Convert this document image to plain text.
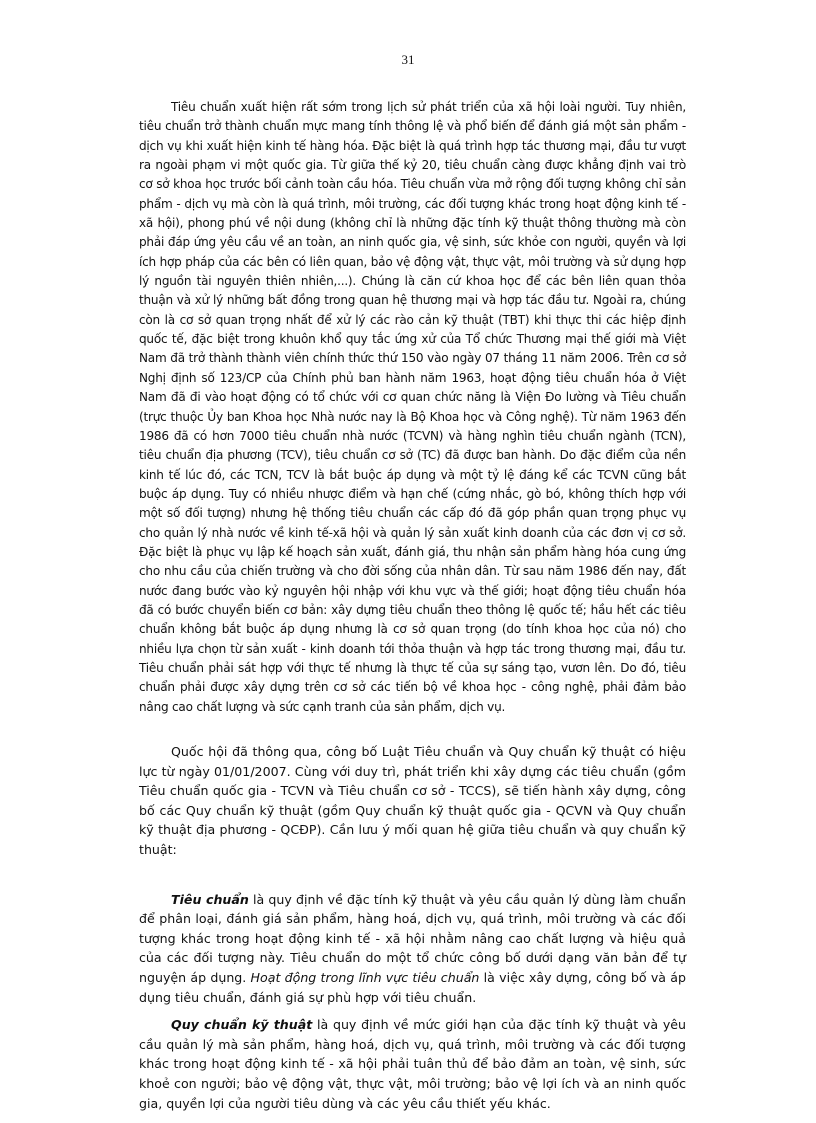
31

Tiêu chuẩn xuất hiện rất sớm trong lịch sử phát triển của xã hội loài người. Tuy nhiên, tiêu chuẩn trở thành chuẩn mực mang tính thông lệ và phổ biến để đánh giá một sản phẩm - dịch vụ khi xuất hiện kinh tế hàng hóa. Đặc biệt là quá trình hợp tác thương mại, đầu tư vượt ra ngoài phạm vi một quốc gia. Từ giữa thế kỷ 20, tiêu chuẩn càng được khẳng định vai trò cơ sở khoa học trước bối cảnh toàn cầu hóa. Tiêu chuẩn vừa mở rộng đối tượng không chỉ sản phẩm - dịch vụ mà còn là quá trình, môi trường, các đối tượng khác trong hoạt động kinh tế - xã hội), phong phú về nội dung (không chỉ là những đặc tính kỹ thuật thông thường mà còn phải đáp ứng yêu cầu về an toàn, an ninh quốc gia, vệ sinh, sức khỏe con người, quyền và lợi ích hợp pháp của các bên có liên quan, bảo vệ động vật, thực vật, môi trường và sử dụng hợp lý nguồn tài nguyên thiên nhiên,...). Chúng là căn cứ khoa học để các bên liên quan thỏa thuận và xử lý những bất đồng trong quan hệ thương mại và hợp tác đầu tư. Ngoài ra, chúng còn là cơ sở quan trọng nhất để xử lý các rào cản kỹ thuật (TBT) khi thực thi các hiệp định quốc tế, đặc biệt trong khuôn khổ quy tắc ứng xử của Tổ chức Thương mại thế giới mà Việt Nam đã trở thành thành viên chính thức thứ 150 vào ngày 07 tháng 11 năm 2006. Trên cơ sở Nghị định số 123/CP của Chính phủ ban hành năm 1963, hoạt động tiêu chuẩn hóa ở Việt Nam đã đi vào hoạt động có tổ chức với cơ quan chức năng là Viện Đo lường và Tiêu chuẩn (trực thuộc Ủy ban Khoa học Nhà nước nay là Bộ Khoa học và Công nghệ). Từ năm 1963 đến 1986 đã có hơn 7000 tiêu chuẩn nhà nước (TCVN) và hàng nghìn tiêu chuẩn ngành (TCN), tiêu chuẩn địa phương (TCV), tiêu chuẩn cơ sở (TC) đã được ban hành. Do đặc điểm của nền kinh tế lúc đó, các TCN, TCV là bắt buộc áp dụng và một tỷ lệ đáng kể các TCVN cũng bắt buộc áp dụng. Tuy có nhiều nhược điểm và hạn chế (cứng nhắc, gò bó, không thích hợp với một số đối tượng) nhưng hệ thống tiêu chuẩn các cấp đó đã góp phần quan trọng phục vụ cho quản lý nhà nước về kinh tế-xã hội và quản lý sản xuất kinh doanh của các đơn vị cơ sở. Đặc biệt là phục vụ lập kế hoạch sản xuất, đánh giá, thu nhận sản phẩm hàng hóa cung ứng cho nhu cầu của chiến trường và cho đời sống của nhân dân. Từ sau năm 1986 đến nay, đất nước đang bước vào kỷ nguyên hội nhập với khu vực và thế giới; hoạt động tiêu chuẩn hóa đã có bước chuyển biến cơ bản: xây dựng tiêu chuẩn theo thông lệ quốc tế; hầu hết các tiêu chuẩn không bắt buộc áp dụng nhưng là cơ sở quan trọng (do tính khoa học của nó) cho nhiều lựa chọn từ sản xuất - kinh doanh tới thỏa thuận và hợp tác trong thương mại, đầu tư. Tiêu chuẩn phải sát hợp với thực tế nhưng là thực tế của sự sáng tạo, vươn lên. Do đó, tiêu chuẩn phải được xây dựng trên cơ sở các tiến bộ về khoa học - công nghệ, phải đảm bảo nâng cao chất lượng và sức cạnh tranh của sản phẩm, dịch vụ.

Quốc hội đã thông qua, công bố Luật Tiêu chuẩn và Quy chuẩn kỹ thuật có hiệu lực từ ngày 01/01/2007. Cùng với duy trì, phát triển khi xây dựng các tiêu chuẩn (gồm Tiêu chuẩn quốc gia - TCVN và Tiêu chuẩn cơ sở - TCCS), sẽ tiến hành xây dựng, công bố các Quy chuẩn kỹ thuật (gồm Quy chuẩn kỹ thuật quốc gia - QCVN và Quy chuẩn kỹ thuật địa phương - QCĐP). Cần lưu ý mối quan hệ giữa tiêu chuẩn và quy chuẩn kỹ thuật:

Tiêu chuẩn là quy định về đặc tính kỹ thuật và yêu cầu quản lý dùng làm chuẩn để phân loại, đánh giá sản phẩm, hàng hoá, dịch vụ, quá trình, môi trường và các đối tượng khác trong hoạt động kinh tế - xã hội nhằm nâng cao chất lượng và hiệu quả của các đối tượng này. Tiêu chuẩn do một tổ chức công bố dưới dạng văn bản để tự nguyện áp dụng. Hoạt động trong lĩnh vực tiêu chuẩn là việc xây dựng, công bố và áp dụng tiêu chuẩn, đánh giá sự phù hợp với tiêu chuẩn.

Quy chuẩn kỹ thuật là quy định về mức giới hạn của đặc tính kỹ thuật và yêu cầu quản lý mà sản phẩm, hàng hoá, dịch vụ, quá trình, môi trường và các đối tượng khác trong hoạt động kinh tế - xã hội phải tuân thủ để bảo đảm an toàn, vệ sinh, sức khoẻ con người; bảo vệ động vật, thực vật, môi trường; bảo vệ lợi ích và an ninh quốc gia, quyền lợi của người tiêu dùng và các yêu cầu thiết yếu khác.
